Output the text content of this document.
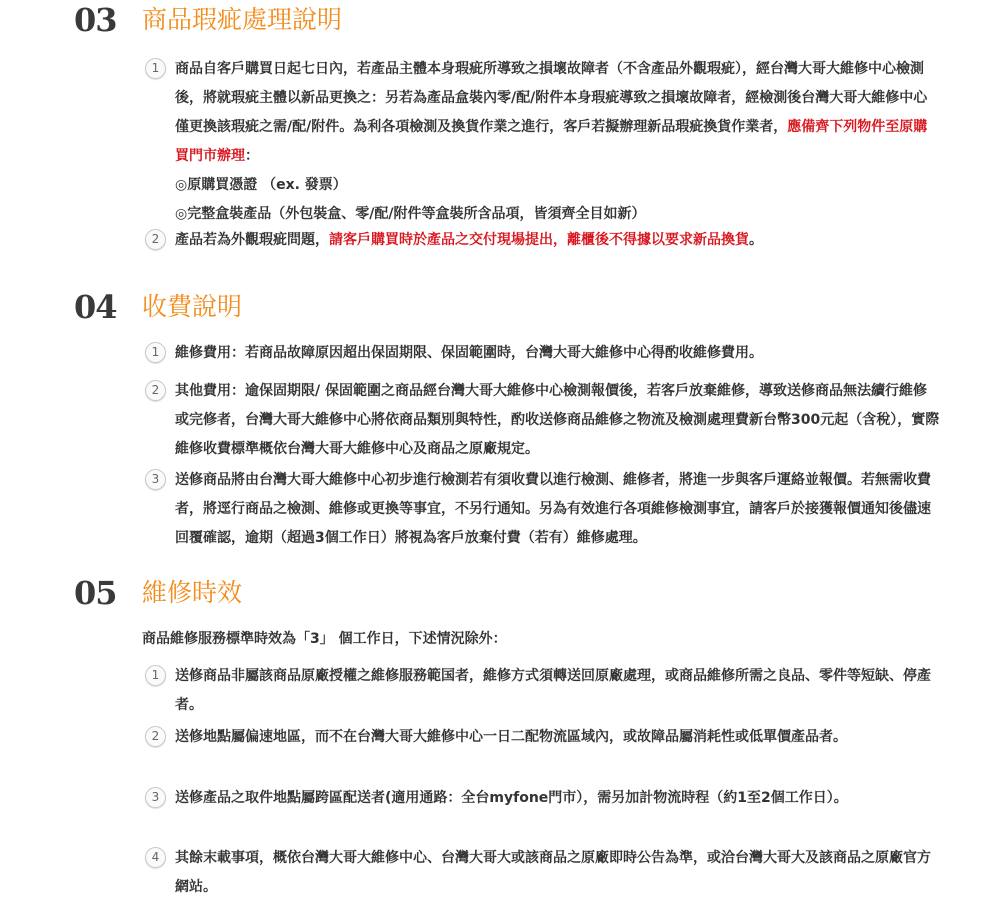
03 商品瑕疵處理說明
1	商品自客戶購買日起七日內，若產品主體本身瑕疵所導致之損壞故障者（不含產品外觀瑕疵），經台灣大哥大維修中心檢測後，將就瑕疵主體以新品更換之：另若為產品盒裝內零/配/附件本身瑕疵導致之損壞故障者，經檢測後台灣大哥大維修中心僅更換該瑕疵之需/配/附件。為利各項檢測及換貨作業之進行，客戶若擬辦理新品瑕疵換貨作業者，應備齊下列物件至原購買門市辦理：
◎原購買憑證 （ex. 發票）
◎完整盒裝產品（外包裝盒、零/配/附件等盒裝所含品項，皆須齊全目如新）
2	產品若為外觀瑕疵問題，請客戶購買時於產品之交付現場提出，離櫃後不得據以要求新品換貨。
04 收費說明
1	維修費用：若商品故障原因超出保固期限、保固範圍時，台灣大哥大維修中心得酌收維修費用。
2	其他費用：逾保固期限/ 保固範圍之商品經台灣大哥大維修中心檢測報價後，若客戶放棄維修，導致送修商品無法續行維修或完修者，台灣大哥大維修中心將依商品類別與特性，酌收送修商品維修之物流及檢測處理費新台幣300元起（含稅），實際維修收費標準概依台灣大哥大維修中心及商品之原廠規定。
3	送修商品將由台灣大哥大維修中心初步進行檢測若有須收費以進行檢測、維修者，將進一步與客戶運絡並報價。若無需收費者，將逕行商品之檢測、維修或更換等事宜，不另行通知。另為有效進行各項維修檢測事宜，請客戶於接獲報價通知後儘速回覆確認，逾期（超過3個工作日）將視為客戶放棄付費（若有）維修處理。
05 維修時效
商品維修服務標準時效為「3」 個工作日，下述情況除外：
1	送修商品非屬該商品原廠授權之維修服務範国者，維修方式須轉送回原廠處理，或商品維修所需之良品、零件等短缺、停產者。
2	送修地點屬偏速地區，而不在台灣大哥大維修中心一日二配物流區域內，或故障品屬消耗性或低單價產品者。
3	送修產品之取件地點屬跨區配送者(適用通路：全台myfone門市），需另加計物流時程（約1至2個工作日）。
4	其餘末載事項，概依台灣大哥大維修中心、台灣大哥大或該商品之原廠即時公告為準，或洽台灣大哥大及該商品之原廠官方網站。
